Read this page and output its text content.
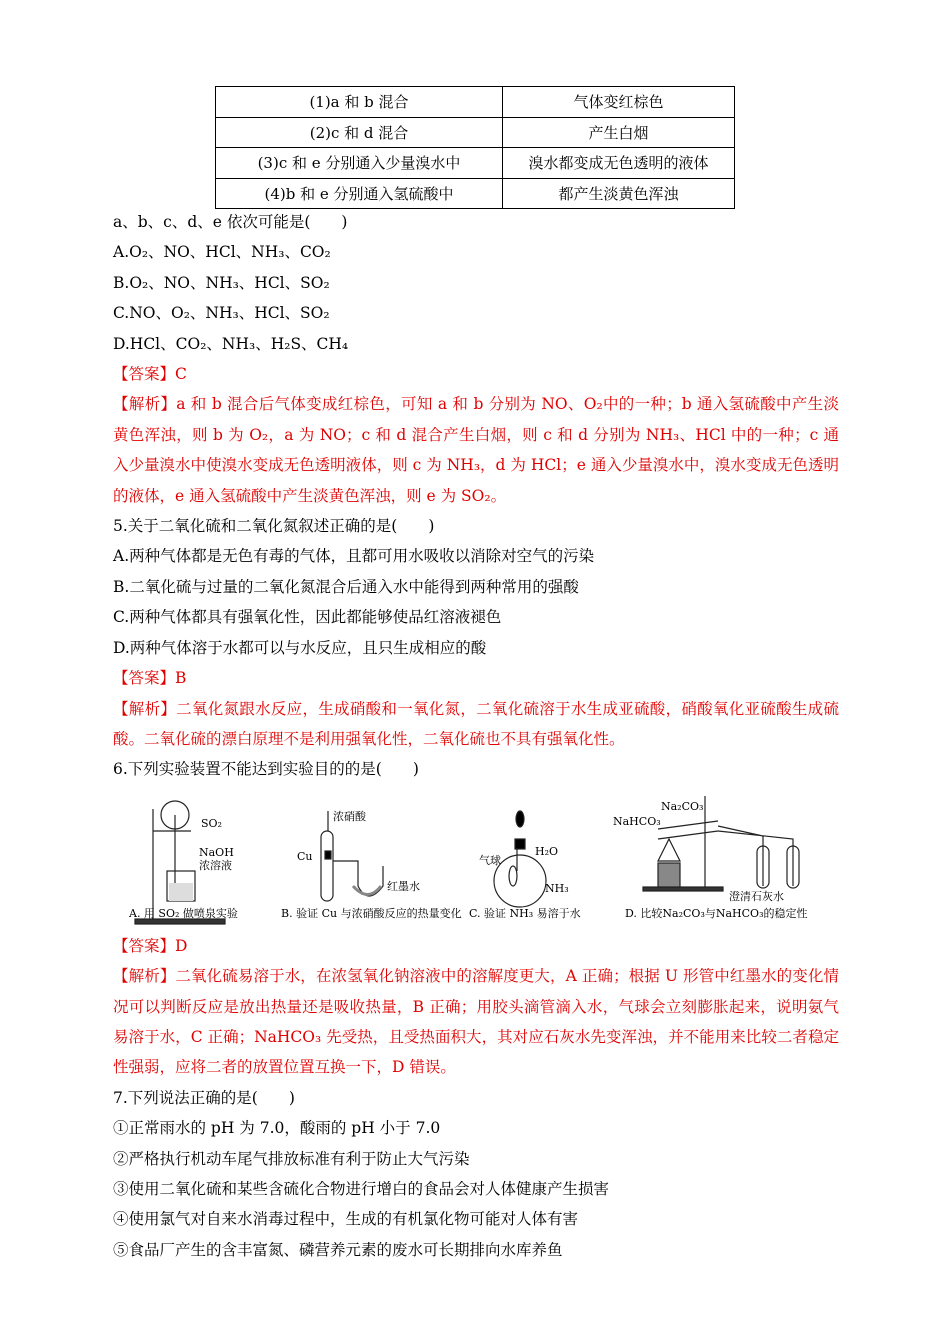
(1)a 和 b 混合	气体变红棕色
(2)c 和 d 混合	产生白烟
(3)c 和 e 分别通入少量溴水中	溴水都变成无色透明的液体
(4)b 和 e 分别通入氢硫酸中	都产生淡黄色浑浊

a、b、c、d、e 依次可能是(　　)

A.O₂、NO、HCl、NH₃、CO₂

B.O₂、NO、NH₃、HCl、SO₂

C.NO、O₂、NH₃、HCl、SO₂

D.HCl、CO₂、NH₃、H₂S、CH₄

【答案】C

【解析】a 和 b 混合后气体变成红棕色，可知 a 和 b 分别为 NO、O₂中的一种；b 通入氢硫酸中产生淡黄色浑浊，则 b 为 O₂，a 为 NO；c 和 d 混合产生白烟，则 c 和 d 分别为 NH₃、HCl 中的一种；c 通入少量溴水中使溴水变成无色透明液体，则 c 为 NH₃，d 为 HCl；e 通入少量溴水中，溴水变成无色透明的液体，e 通入氢硫酸中产生淡黄色浑浊，则 e 为 SO₂。

5.关于二氧化硫和二氧化氮叙述正确的是(　　)

A.两种气体都是无色有毒的气体，且都可用水吸收以消除对空气的污染

B.二氧化硫与过量的二氧化氮混合后通入水中能得到两种常用的强酸

C.两种气体都具有强氧化性，因此都能够使品红溶液褪色

D.两种气体溶于水都可以与水反应，且只生成相应的酸

【答案】B

【解析】二氧化氮跟水反应，生成硝酸和一氧化氮，二氧化硫溶于水生成亚硫酸，硝酸氧化亚硫酸生成硫酸。二氧化硫的漂白原理不是利用强氧化性，二氧化硫也不具有强氧化性。

6.下列实验装置不能达到实验目的的是(　　)

SO₂
NaOH
浓溶液
A. 用 SO₂ 做喷泉实验
浓硝酸
Cu
红墨水
B. 验证 Cu 与浓硝酸反应的热量变化
气球
H₂O
NH₃
C. 验证 NH₃ 易溶于水
Na₂CO₃
NaHCO₃
澄清石灰水
D. 比较Na₂CO₃与NaHCO₃的稳定性

【答案】D

【解析】二氧化硫易溶于水，在浓氢氧化钠溶液中的溶解度更大，A 正确；根据 U 形管中红墨水的变化情况可以判断反应是放出热量还是吸收热量，B 正确；用胶头滴管滴入水，气球会立刻膨胀起来，说明氨气易溶于水，C 正确；NaHCO₃ 先受热，且受热面积大，其对应石灰水先变浑浊，并不能用来比较二者稳定性强弱，应将二者的放置位置互换一下，D 错误。

7.下列说法正确的是(　　)

①正常雨水的 pH 为 7.0，酸雨的 pH 小于 7.0

②严格执行机动车尾气排放标准有利于防止大气污染

③使用二氧化硫和某些含硫化合物进行增白的食品会对人体健康产生损害

④使用氯气对自来水消毒过程中，生成的有机氯化物可能对人体有害

⑤食品厂产生的含丰富氮、磷营养元素的废水可长期排向水库养鱼
